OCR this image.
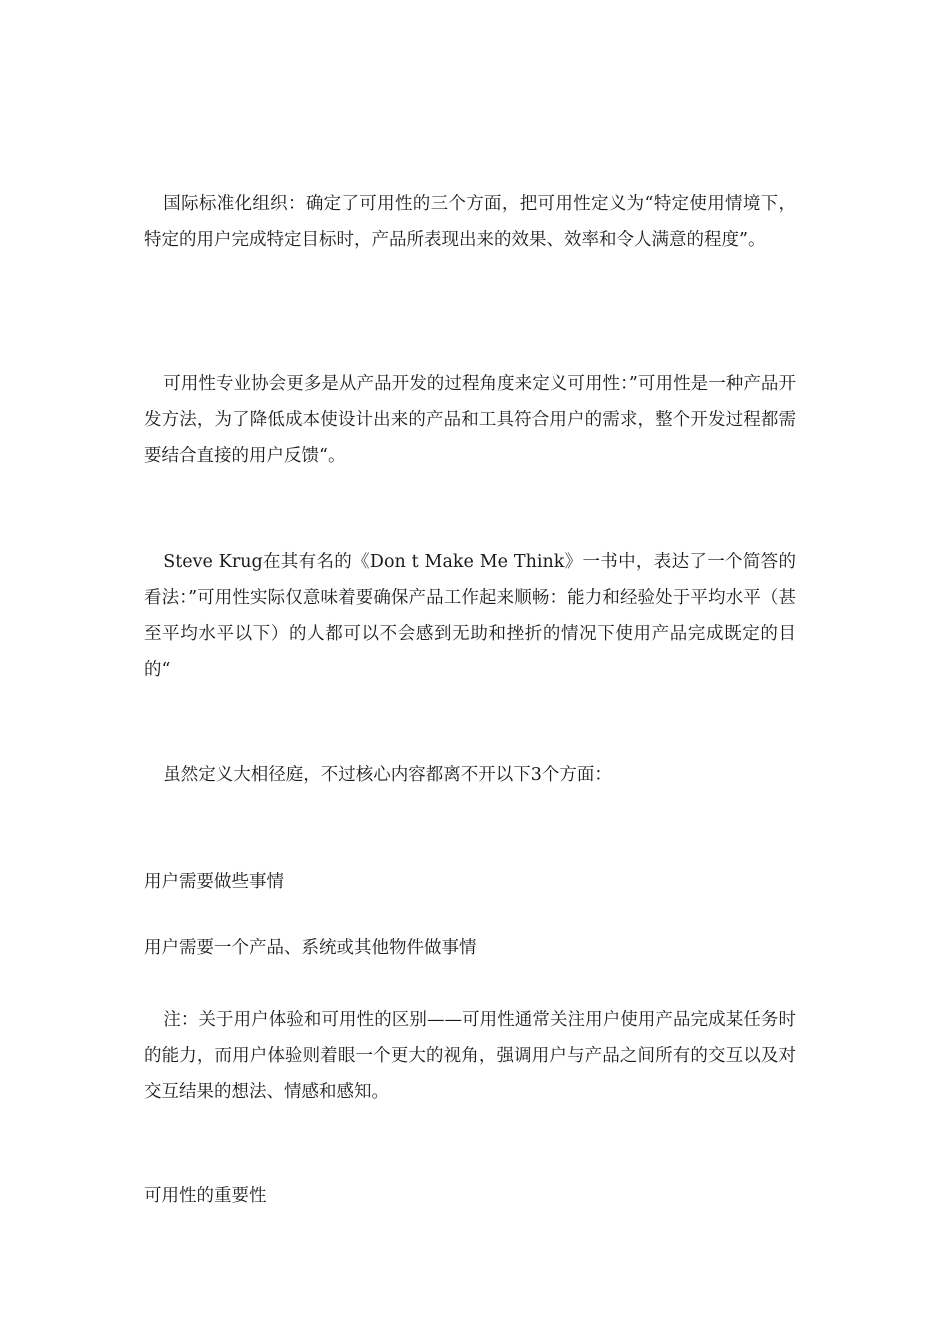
国际标准化组织：确定了可用性的三个方面，把可用性定义为“特定使用情境下，特定的用户完成特定目标时，产品所表现出来的效果、效率和令人满意的程度”。

可用性专业协会更多是从产品开发的过程角度来定义可用性：”可用性是一种产品开发方法，为了降低成本使设计出来的产品和工具符合用户的需求，整个开发过程都需要结合直接的用户反馈“。

Steve Krug在其有名的《Don t Make Me Think》一书中，表达了一个简答的看法：”可用性实际仅意味着要确保产品工作起来顺畅：能力和经验处于平均水平（甚至平均水平以下）的人都可以不会感到无助和挫折的情况下使用产品完成既定的目的“

虽然定义大相径庭，不过核心内容都离不开以下3个方面：

用户需要做些事情

用户需要一个产品、系统或其他物件做事情

注：关于用户体验和可用性的区别——可用性通常关注用户使用产品完成某任务时的能力，而用户体验则着眼一个更大的视角，强调用户与产品之间所有的交互以及对交互结果的想法、情感和感知。

可用性的重要性
